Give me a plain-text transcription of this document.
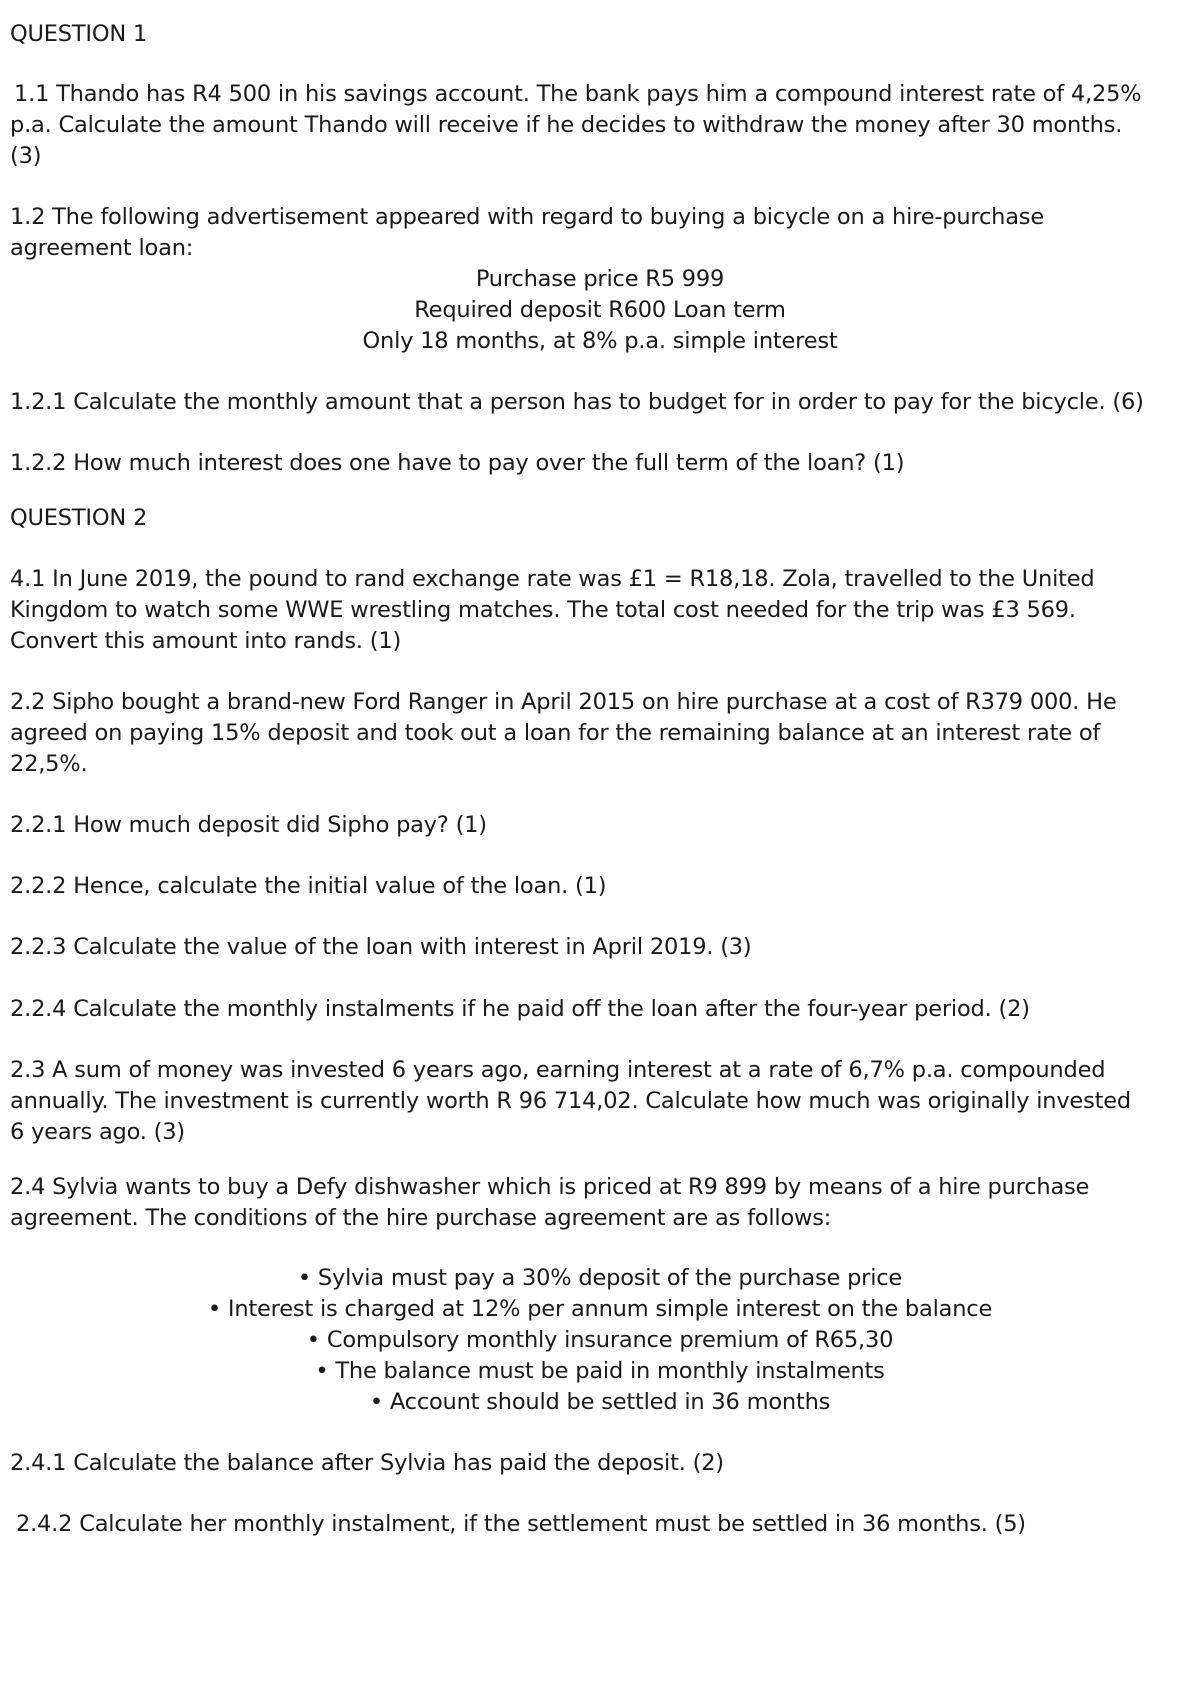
QUESTION 1

1.1 Thando has R4 500 in his savings account. The bank pays him a compound interest rate of 4,25%

p.a. Calculate the amount Thando will receive if he decides to withdraw the money after 30 months.

(3)

1.2 The following advertisement appeared with regard to buying a bicycle on a hire-purchase

agreement loan:

Purchase price R5 999

Required deposit R600 Loan term

Only 18 months, at 8% p.a. simple interest

1.2.1 Calculate the monthly amount that a person has to budget for in order to pay for the bicycle. (6)

1.2.2 How much interest does one have to pay over the full term of the loan? (1)

QUESTION 2

4.1 In June 2019, the pound to rand exchange rate was £1 = R18,18. Zola, travelled to the United

Kingdom to watch some WWE wrestling matches. The total cost needed for the trip was £3 569.

Convert this amount into rands. (1)

2.2 Sipho bought a brand-new Ford Ranger in April 2015 on hire purchase at a cost of R379 000. He

agreed on paying 15% deposit and took out a loan for the remaining balance at an interest rate of

22,5%.

2.2.1 How much deposit did Sipho pay? (1)

2.2.2 Hence, calculate the initial value of the loan. (1)

2.2.3 Calculate the value of the loan with interest in April 2019. (3)

2.2.4 Calculate the monthly instalments if he paid off the loan after the four-year period. (2)

2.3 A sum of money was invested 6 years ago, earning interest at a rate of 6,7% p.a. compounded

annually. The investment is currently worth R 96 714,02. Calculate how much was originally invested

6 years ago. (3)

2.4 Sylvia wants to buy a Defy dishwasher which is priced at R9 899 by means of a hire purchase

agreement. The conditions of the hire purchase agreement are as follows:

• Sylvia must pay a 30% deposit of the purchase price

• Interest is charged at 12% per annum simple interest on the balance

• Compulsory monthly insurance premium of R65,30

• The balance must be paid in monthly instalments

• Account should be settled in 36 months

2.4.1 Calculate the balance after Sylvia has paid the deposit. (2)

2.4.2 Calculate her monthly instalment, if the settlement must be settled in 36 months. (5)
